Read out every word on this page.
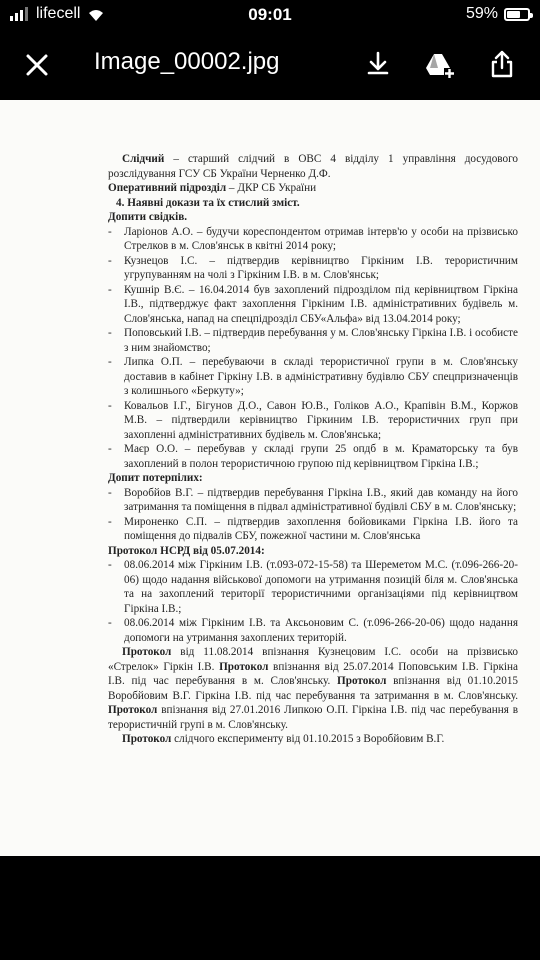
lifecell	09:01	59%
Image_00002.jpg

Слідчий – старший слідчий в ОВС 4 відділу 1 управління досудового розслідування ГСУ СБ України Черненко Д.Ф.

Оперативний підрозділ – ДКР СБ України

4. Наявні докази та їх стислий зміст.

Допити свідків.

- Ларіонов А.О. – будучи кореспондентом отримав інтерв'ю у особи на прізвисько Стрелков в м. Слов'янськ в квітні 2014 року;
- Кузнецов І.С. – підтвердив керівництво Гіркіним І.В. терористичним угрупуванням на чолі з Гіркіним І.В. в м. Слов'янськ;
- Кушнір В.Є. – 16.04.2014 був захоплений підрозділом під керівництвом Гіркіна І.В., підтверджує факт захоплення Гіркіним І.В. адміністративних будівель м. Слов'янська, напад на спецпідрозділ СБУ«Альфа» від 13.04.2014 року;
- Поповський І.В. – підтвердив перебування у м. Слов'янську Гіркіна І.В. і особисте з ним знайомство;
- Липка О.П. – перебуваючи в складі терористичної групи в м. Слов'янську доставив в кабінет Гіркіну І.В. в адміністративну будівлю СБУ спецпризначенців з колишнього «Беркуту»;
- Ковальов І.Г., Бігунов Д.О., Савон Ю.В., Голіков А.О., Крапівін В.М., Коржов М.В. – підтвердили керівництво Гіркиним І.В. терористичних груп при захопленні адміністративних будівель м. Слов'янська;
- Маєр О.О. – перебував у складі групи 25 опдб в м. Краматорську та був захоплений в полон терористичною групою під керівництвом Гіркіна І.В.;

Допит потерпілих:

- Воробйов В.Г. – підтвердив перебування Гіркіна І.В., який дав команду на його затримання та поміщення в підвал адміністративної будівлі СБУ в м. Слов'янську;
- Мироненко С.П. – підтвердив захоплення бойовиками Гіркіна І.В. його та поміщення до підвалів СБУ, пожежної частини м. Слов'янська

Протокол НСРД від 05.07.2014:

- 08.06.2014 між Гіркіним І.В. (т.093-072-15-58) та Шереметом М.С. (т.096-266-20-06) щодо надання військової допомоги на утримання позицій біля м. Слов'янська та на захоплений території терористичними організаціями під керівництвом Гіркіна І.В.;
- 08.06.2014 між Гіркіним І.В. та Аксьоновим С. (т.096-266-20-06) щодо надання допомоги на утримання захоплених територій.

Протокол від 11.08.2014 впізнання Кузнецовим І.С. особи на прізвисько «Стрелок» Гіркін І.В. Протокол впізнання від 25.07.2014 Поповським І.В. Гіркіна І.В. під час перебування в м. Слов'янську. Протокол впізнання від 01.10.2015 Воробйовим В.Г. Гіркіна І.В. під час перебування та затримання в м. Слов'янську. Протокол впізнання від 27.01.2016 Липкою О.П. Гіркіна І.В. під час перебування в терористичній групі в м. Слов'янську.

Протокол слідчого експерименту від 01.10.2015 з Воробйовим В.Г.
